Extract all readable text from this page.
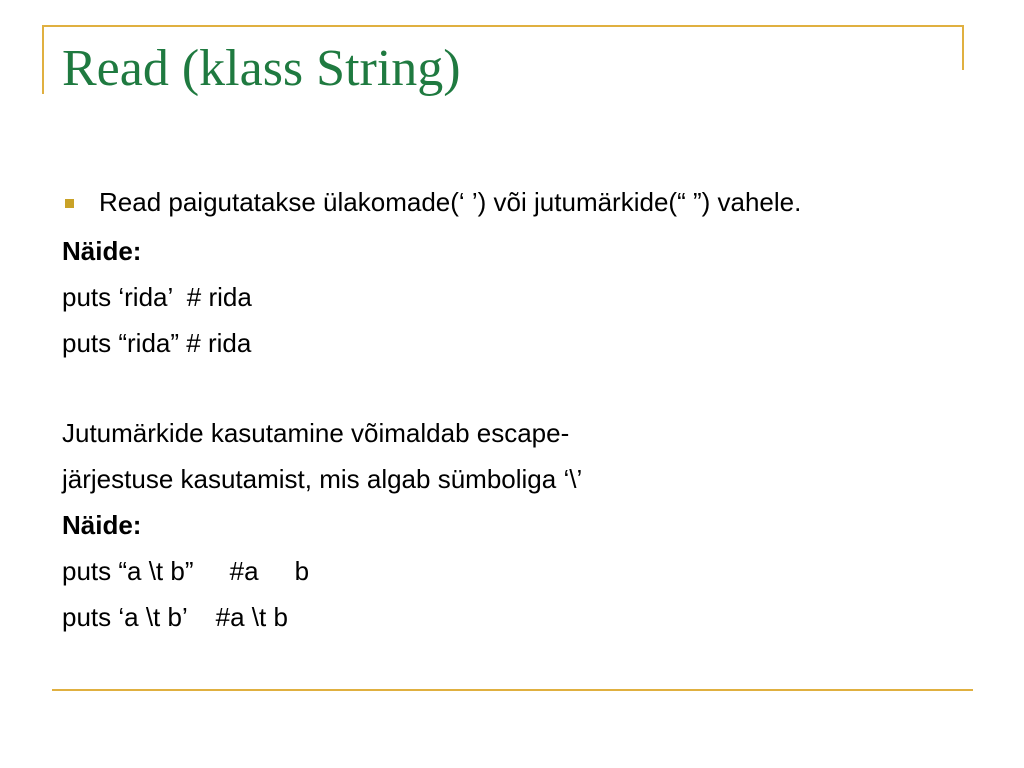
Read (klass String)
Read paigutatakse ülakomade(‘ ’) või jutumärkide(“ ”) vahele.
Näide:
puts ‘rida’  # rida
puts “rida” # rida
Jutumärkide kasutamine võimaldab escape-
järjestuse kasutamist, mis algab sümboliga ‘\’
Näide:
puts “a \t b”     #a     b
puts ‘a \t b’    #a \t b
